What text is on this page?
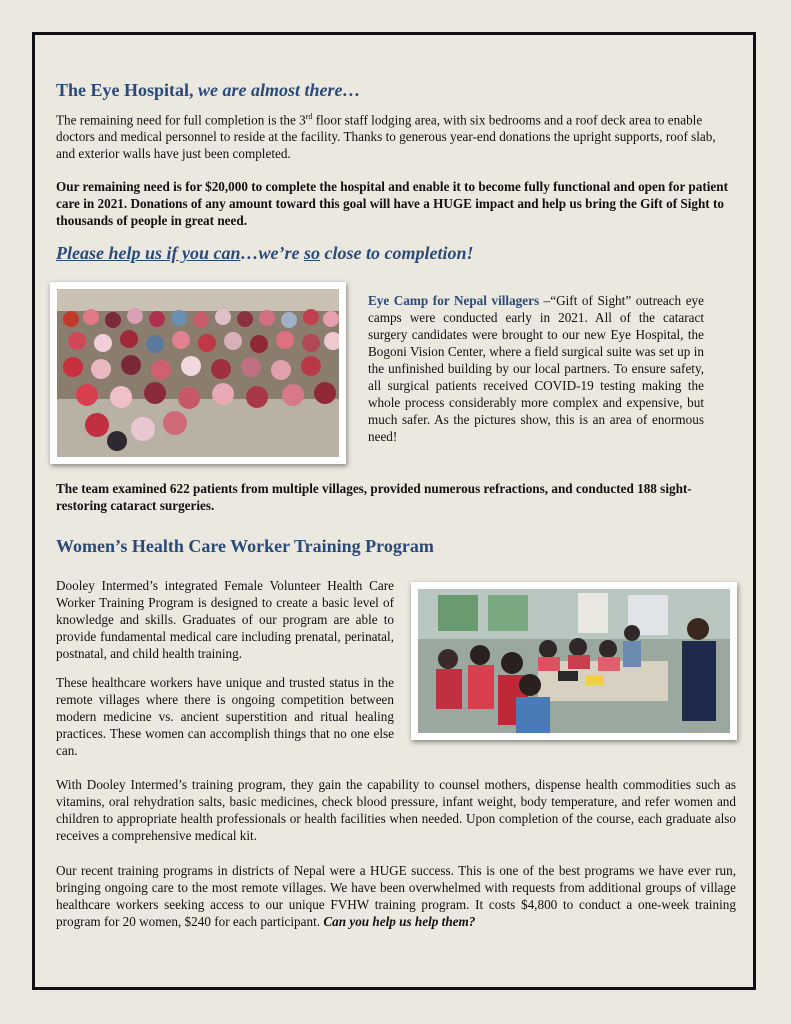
The Eye Hospital, we are almost there…

The remaining need for full completion is the 3rd floor staff lodging area, with six bedrooms and a roof deck area to enable doctors and medical personnel to reside at the facility. Thanks to generous year-end donations the upright supports, roof slab, and exterior walls have just been completed.

Our remaining need is for $20,000 to complete the hospital and enable it to become fully functional and open for patient care in 2021. Donations of any amount toward this goal will have a HUGE impact and help us bring the Gift of Sight to thousands of people in great need.

Please help us if you can…we’re so close to completion!

Eye Camp for Nepal villagers –“Gift of Sight” outreach eye camps were conducted early in 2021. All of the cataract surgery candidates were brought to our new Eye Hospital, the Bogoni Vision Center, where a field surgical suite was set up in the unfinished building by our local partners. To ensure safety, all surgical patients received COVID-19 testing making the whole process considerably more complex and expensive, but much safer. As the pictures show, this is an area of enormous need!

The team examined 622 patients from multiple villages, provided numerous refractions, and conducted 188 sight-restoring cataract surgeries.

Women’s Health Care Worker Training Program

Dooley Intermed’s integrated Female Volunteer Health Care Worker Training Program is designed to create a basic level of knowledge and skills. Graduates of our program are able to provide fundamental medical care including prenatal, perinatal, postnatal, and child health training.

These healthcare workers have unique and trusted status in the remote villages where there is ongoing competition between modern medicine vs. ancient superstition and ritual healing practices. These women can accomplish things that no one else can.

With Dooley Intermed’s training program, they gain the capability to counsel mothers, dispense health commodities such as vitamins, oral rehydration salts, basic medicines, check blood pressure, infant weight, body temperature, and refer women and children to appropriate health professionals or health facilities when needed. Upon completion of the course, each graduate also receives a comprehensive medical kit.

Our recent training programs in districts of Nepal were a HUGE success. This is one of the best programs we have ever run, bringing ongoing care to the most remote villages. We have been overwhelmed with requests from additional groups of village healthcare workers seeking access to our unique FVHW training program. It costs $4,800 to conduct a one-week training program for 20 women, $240 for each participant. Can you help us help them?
